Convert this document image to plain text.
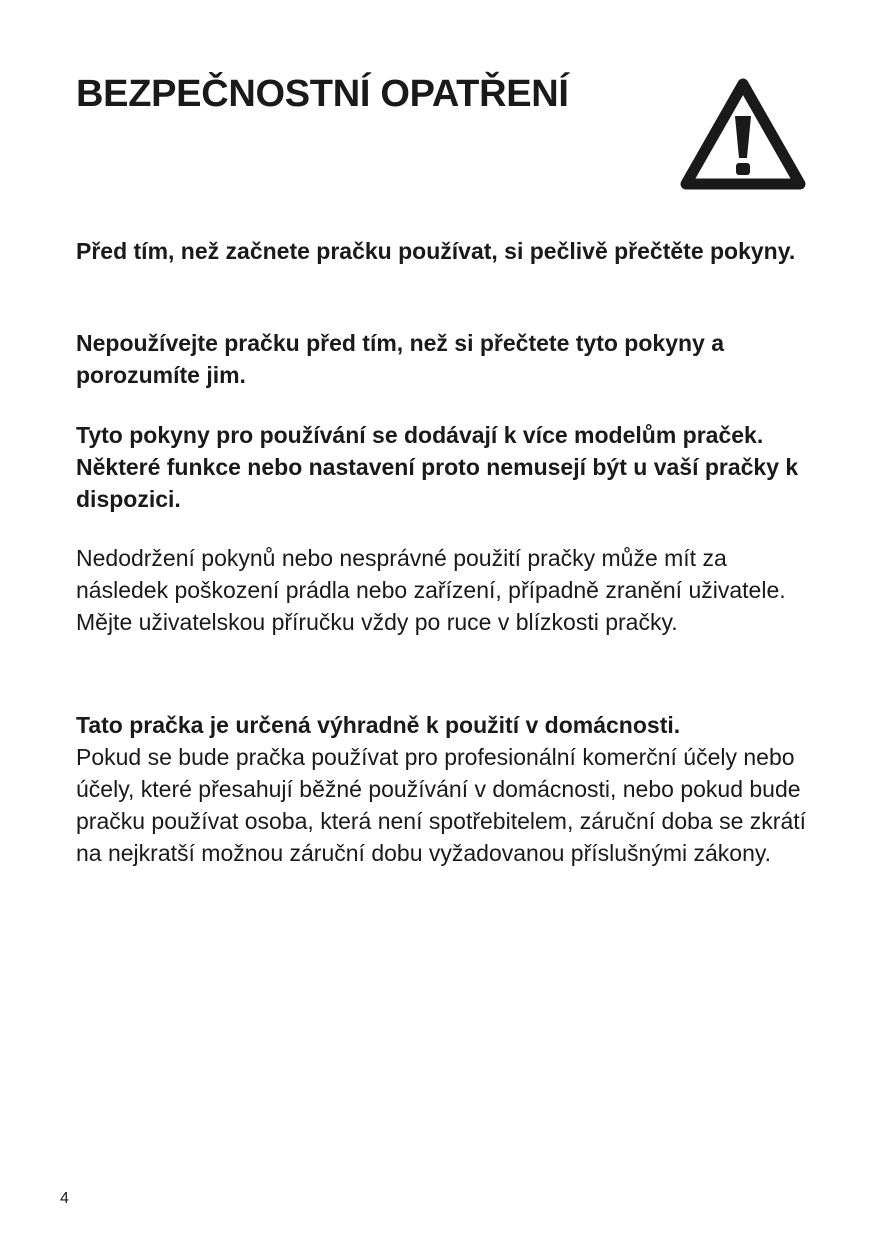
BEZPEČNOSTNÍ OPATŘENÍ

Před tím, než začnete pračku používat, si pečlivě přečtěte pokyny.

Nepoužívejte pračku před tím, než si přečtete tyto pokyny a porozumíte jim.

Tyto pokyny pro používání se dodávají k více modelům praček. Některé funkce nebo nastavení proto nemusejí být u vaší pračky k dispozici.

Nedodržení pokynů nebo nesprávné použití pračky může mít za následek poškození prádla nebo zařízení, případně zranění uživatele. Mějte uživatelskou příručku vždy po ruce v blízkosti pračky.

Tato pračka je určená výhradně k použití v domácnosti.
Pokud se bude pračka používat pro profesionální komerční účely nebo účely, které přesahují běžné používání v domácnosti, nebo pokud bude pračku používat osoba, která není spotřebitelem, záruční doba se zkrátí na nejkratší možnou záruční dobu vyžadovanou příslušnými zákony.

4
